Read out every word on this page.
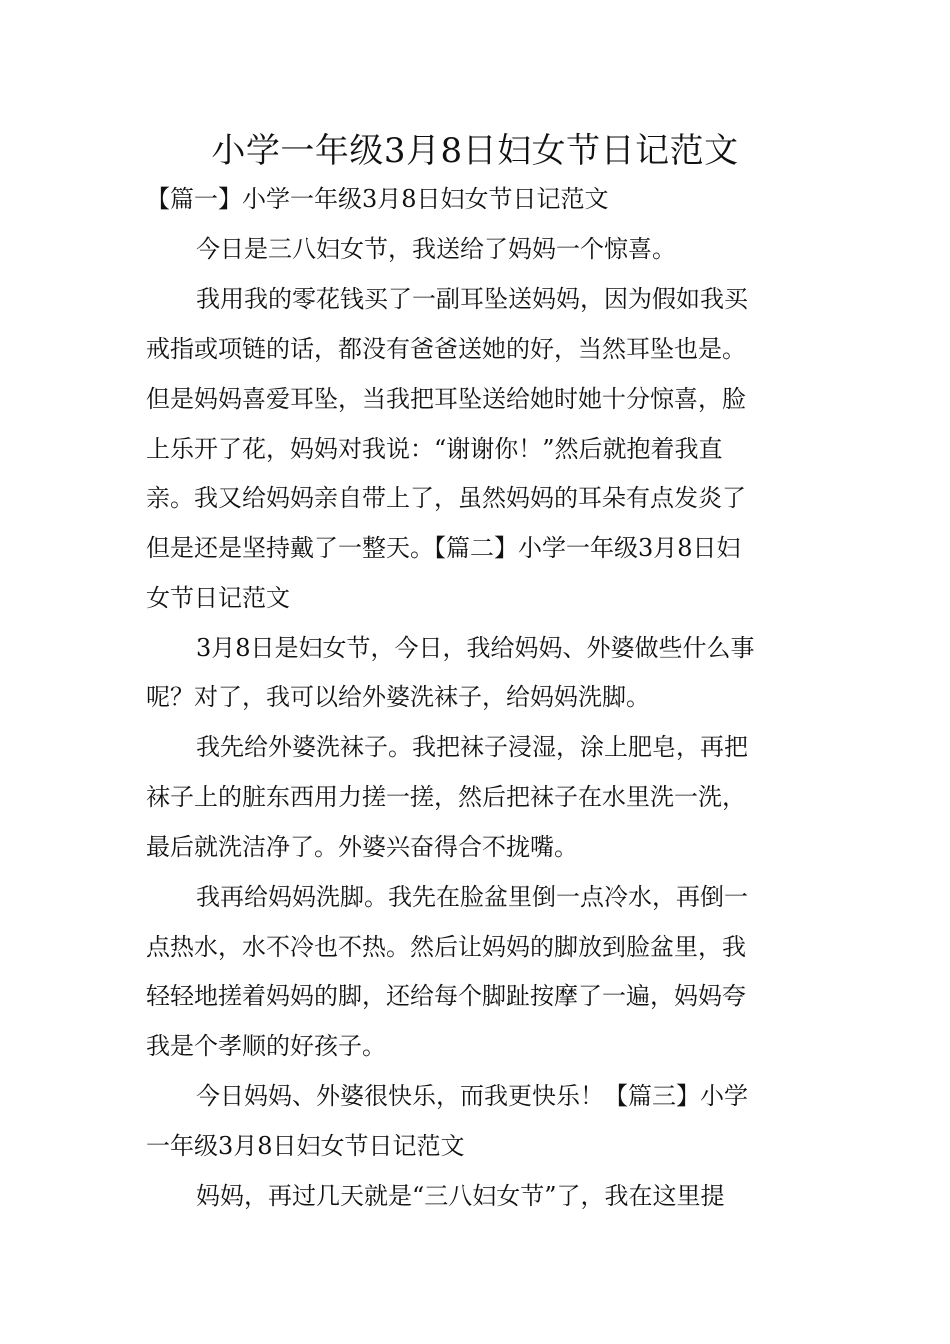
小学一年级3月8日妇女节日记范文
【篇一】小学一年级3月8日妇女节日记范文
今日是三八妇女节，我送给了妈妈一个惊喜。
我用我的零花钱买了一副耳坠送妈妈，因为假如我买
戒指或项链的话，都没有爸爸送她的好，当然耳坠也是。
但是妈妈喜爱耳坠，当我把耳坠送给她时她十分惊喜，脸
上乐开了花，妈妈对我说：“谢谢你！”然后就抱着我直
亲。我又给妈妈亲自带上了，虽然妈妈的耳朵有点发炎了
但是还是坚持戴了一整天。【篇二】小学一年级3月8日妇
女节日记范文
3月8日是妇女节，今日，我给妈妈、外婆做些什么事
呢？对了，我可以给外婆洗袜子，给妈妈洗脚。
我先给外婆洗袜子。我把袜子浸湿，涂上肥皂，再把
袜子上的脏东西用力搓一搓，然后把袜子在水里洗一洗，
最后就洗洁净了。外婆兴奋得合不拢嘴。
我再给妈妈洗脚。我先在脸盆里倒一点冷水，再倒一
点热水，水不冷也不热。然后让妈妈的脚放到脸盆里，我
轻轻地搓着妈妈的脚，还给每个脚趾按摩了一遍，妈妈夸
我是个孝顺的好孩子。
今日妈妈、外婆很快乐，而我更快乐！【篇三】小学
一年级3月8日妇女节日记范文
妈妈，再过几天就是“三八妇女节”了，我在这里提
